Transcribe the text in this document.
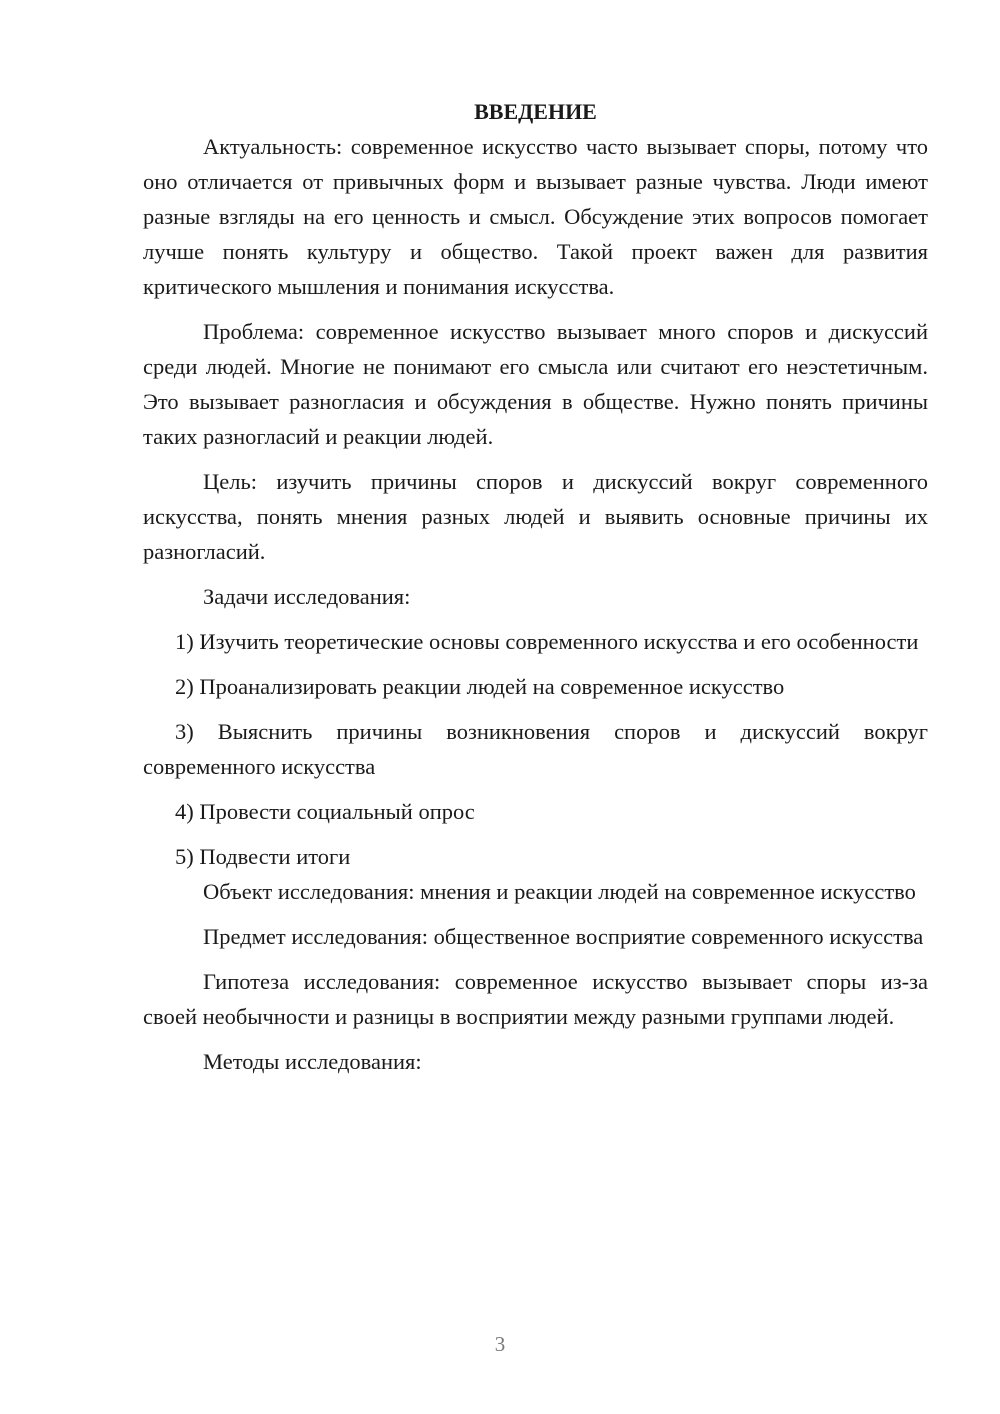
ВВЕДЕНИЕ

Актуальность: современное искусство часто вызывает споры, потому что оно отличается от привычных форм и вызывает разные чувства. Люди имеют разные взгляды на его ценность и смысл. Обсуждение этих вопросов помогает лучше понять культуру и общество. Такой проект важен для развития критического мышления и понимания искусства.

Проблема: современное искусство вызывает много споров и дискуссий среди людей. Многие не понимают его смысла или считают его неэстетичным. Это вызывает разногласия и обсуждения в обществе. Нужно понять причины таких разногласий и реакции людей.

Цель: изучить причины споров и дискуссий вокруг современного искусства, понять мнения разных людей и выявить основные причины их разногласий.

Задачи исследования:

1) Изучить теоретические основы современного искусства и его особенности

2) Проанализировать реакции людей на современное искусство

3) Выяснить причины возникновения споров и дискуссий вокруг современного искусства

4) Провести социальный опрос

5) Подвести итоги

Объект исследования: мнения и реакции людей на современное искусство

Предмет исследования: общественное восприятие современного искусства

Гипотеза исследования: современное искусство вызывает споры из-за своей необычности и разницы в восприятии между разными группами людей.

Методы исследования:

3
